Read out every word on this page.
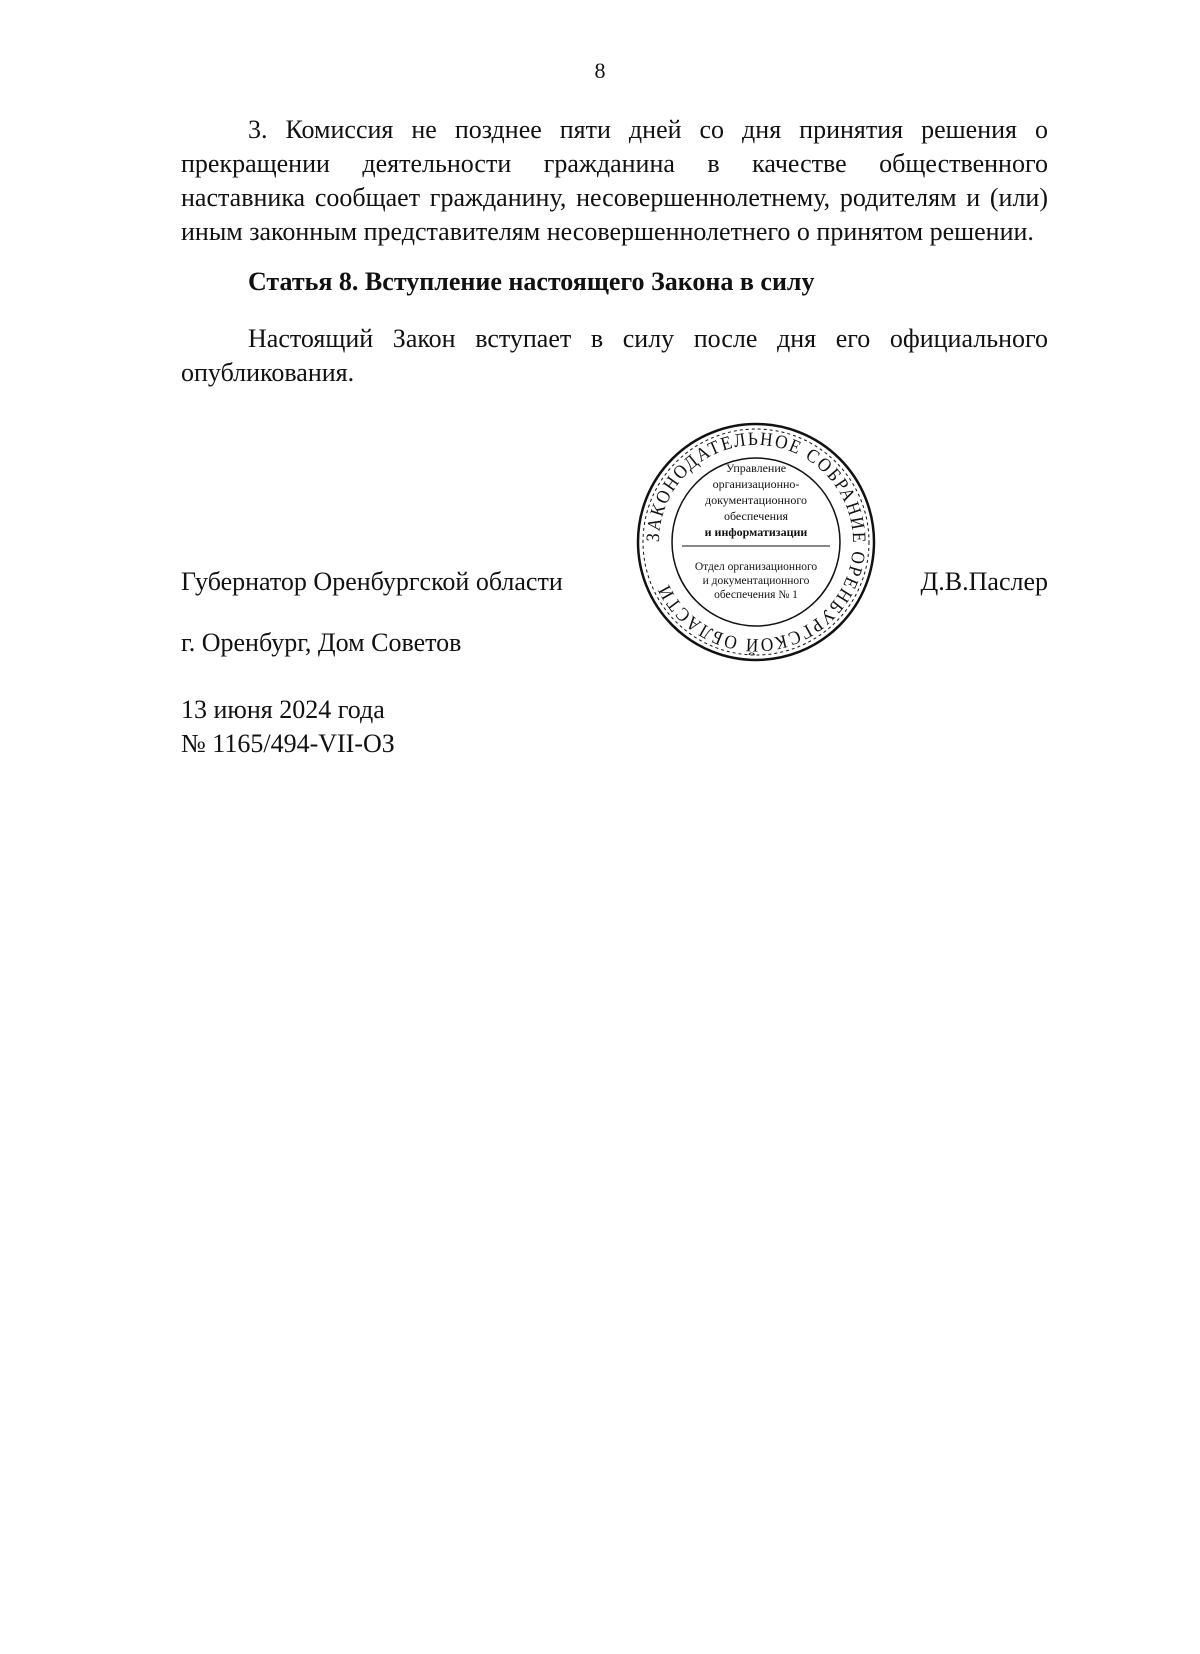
8
3. Комиссия не позднее пяти дней со дня принятия решения о прекращении деятельности гражданина в качестве общественного наставника сообщает гражданину, несовершеннолетнему, родителям и (или) иным законным представителям несовершеннолетнего о принятом решении.
Статья 8. Вступление настоящего Закона в силу
Настоящий Закон вступает в силу после дня его официального опубликования.
Губернатор Оренбургской области	Д.В.Паслер
ЗАКОНОДАТЕЛЬНОЕ СОБРАНИЕ ОРЕНБУРГСКОЙ ОБЛАСТИ
Управление
организационно-
документационного
обеспечения
и информатизации
Отдел организационного
и документационного
обеспечения № 1
г. Оренбург, Дом Советов
13 июня 2024 года
№ 1165/494-VII-ОЗ
